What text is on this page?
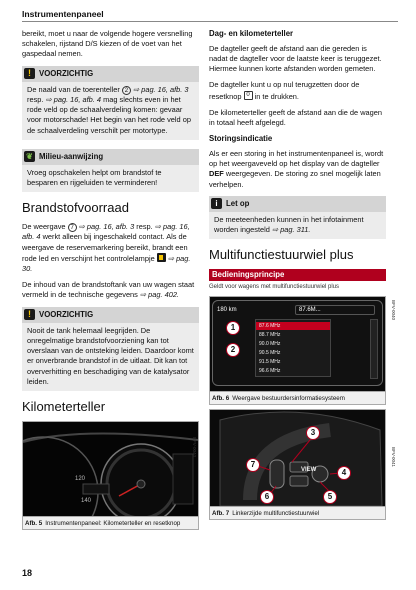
Instrumentenpaneel

bereikt, moet u naar de volgende hogere versnelling schakelen, rijstand D/S kiezen of de voet van het gaspedaal nemen.

!
VOORZICHTIG
De naald van de toerenteller 2 ⇨ pag. 16, afb. 3 resp. ⇨ pag. 16, afb. 4 mag slechts even in het rode veld op de schaalverdeling komen: gevaar voor motorschade! Het begin van het rode veld op de schaalverdeling verschilt per motortype.
❦ Milieu-aanwijzing
Vroeg opschakelen helpt om brandstof te besparen en rijgeluiden te verminderen!
Brandstofvoorraad

De weergave 7 ⇨ pag. 16, afb. 3 resp. ⇨ pag. 16, afb. 4 werkt alleen bij ingeschakeld contact. Als de weergave de reservemarkering bereikt, brandt een rode led en verschijnt het controlelampje ⇨ pag. 30.

De inhoud van de brandstoftank van uw wagen staat vermeld in de technische gegevens ⇨ pag. 402.

!
VOORZICHTIG
Nooit de tank helemaal leegrijden. De onregelmatige brandstofvoorziening kan tot overslaan van de ontsteking leiden. Daardoor komt er onverbrande brandstof in de uitlaat. Dit kan tot oververhitting en beschadiging van de katalysator leiden.
Kilometerteller
120
140
Afb. 5 Instrumentenpaneel: Kilometerteller en resetknop
BFV-0040
18
Dag- en kilometerteller

De dagteller geeft de afstand aan die gereden is nadat de dagteller voor de laatste keer is teruggezet. Hiermee kunnen korte afstanden worden gemeten.

De dagteller kunt u op nul terugzetten door de resetknop 0 in te drukken.

De kilometerteller geeft de afstand aan die de wagen in totaal heeft afgelegd.

Storingsindicatie

Als er een storing in het instrumentenpaneel is, wordt op het weergaveveld op het display van de dagteller DEF weergegeven. De storing zo snel mogelijk laten verhelpen.

i	Let op
De meeteenheden kunnen in het infotainment worden ingesteld ⇨ pag. 311.
Multifunctiestuurwiel plus
Bedieningsprincipe
Geldt voor wagens met multifunctiestuurwiel plus
180 km	87.6M...
87.6 MHz
88.7 MHz
90.0 MHz
90.5 MHz
91.5 MHz
96.6 MHz
1
2
Afb. 6 Weergave bestuurdersinformatiesysteem
VIEW
3
4
5
6
7
Afb. 7 Linkerzijde multifunctiestuurwiel
BFV-0040
BFV-0041
